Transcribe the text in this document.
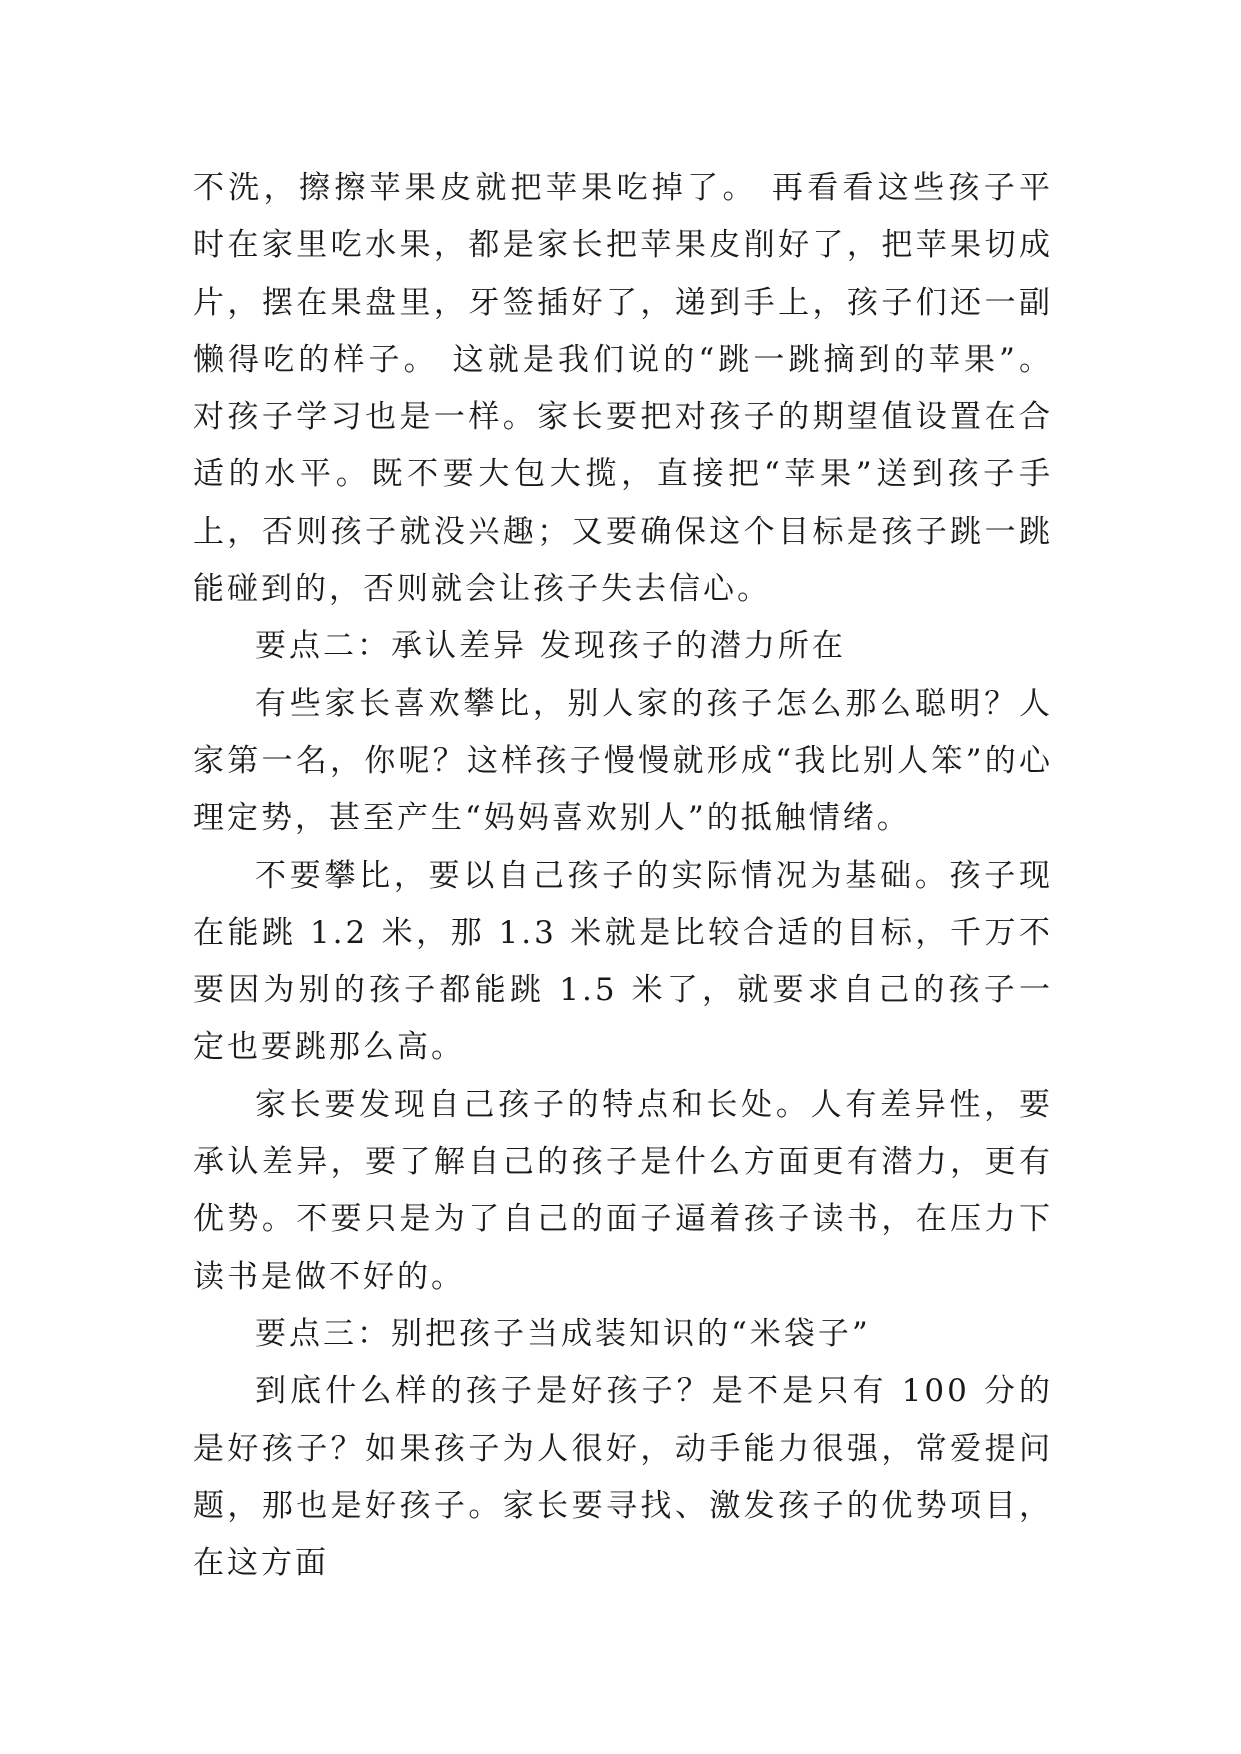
不洗，擦擦苹果皮就把苹果吃掉了。 再看看这些孩子平时在家里吃水果，都是家长把苹果皮削好了，把苹果切成片，摆在果盘里，牙签插好了，递到手上，孩子们还一副懒得吃的样子。 这就是我们说的“跳一跳摘到的苹果”。对孩子学习也是一样。家长要把对孩子的期望值设置在合适的水平。既不要大包大揽，直接把“苹果”送到孩子手上，否则孩子就没兴趣；又要确保这个目标是孩子跳一跳能碰到的，否则就会让孩子失去信心。

要点二：承认差异 发现孩子的潜力所在

有些家长喜欢攀比，别人家的孩子怎么那么聪明？人家第一名，你呢？这样孩子慢慢就形成“我比别人笨”的心理定势，甚至产生“妈妈喜欢别人”的抵触情绪。

不要攀比，要以自己孩子的实际情况为基础。孩子现在能跳 1.2 米，那 1.3 米就是比较合适的目标，千万不要因为别的孩子都能跳 1.5 米了，就要求自己的孩子一定也要跳那么高。

家长要发现自己孩子的特点和长处。人有差异性，要承认差异，要了解自己的孩子是什么方面更有潜力，更有优势。不要只是为了自己的面子逼着孩子读书，在压力下读书是做不好的。

要点三：别把孩子当成装知识的“米袋子”

到底什么样的孩子是好孩子？是不是只有 100 分的是好孩子？如果孩子为人很好，动手能力很强，常爱提问题，那也是好孩子。家长要寻找、激发孩子的优势项目，在这方面
